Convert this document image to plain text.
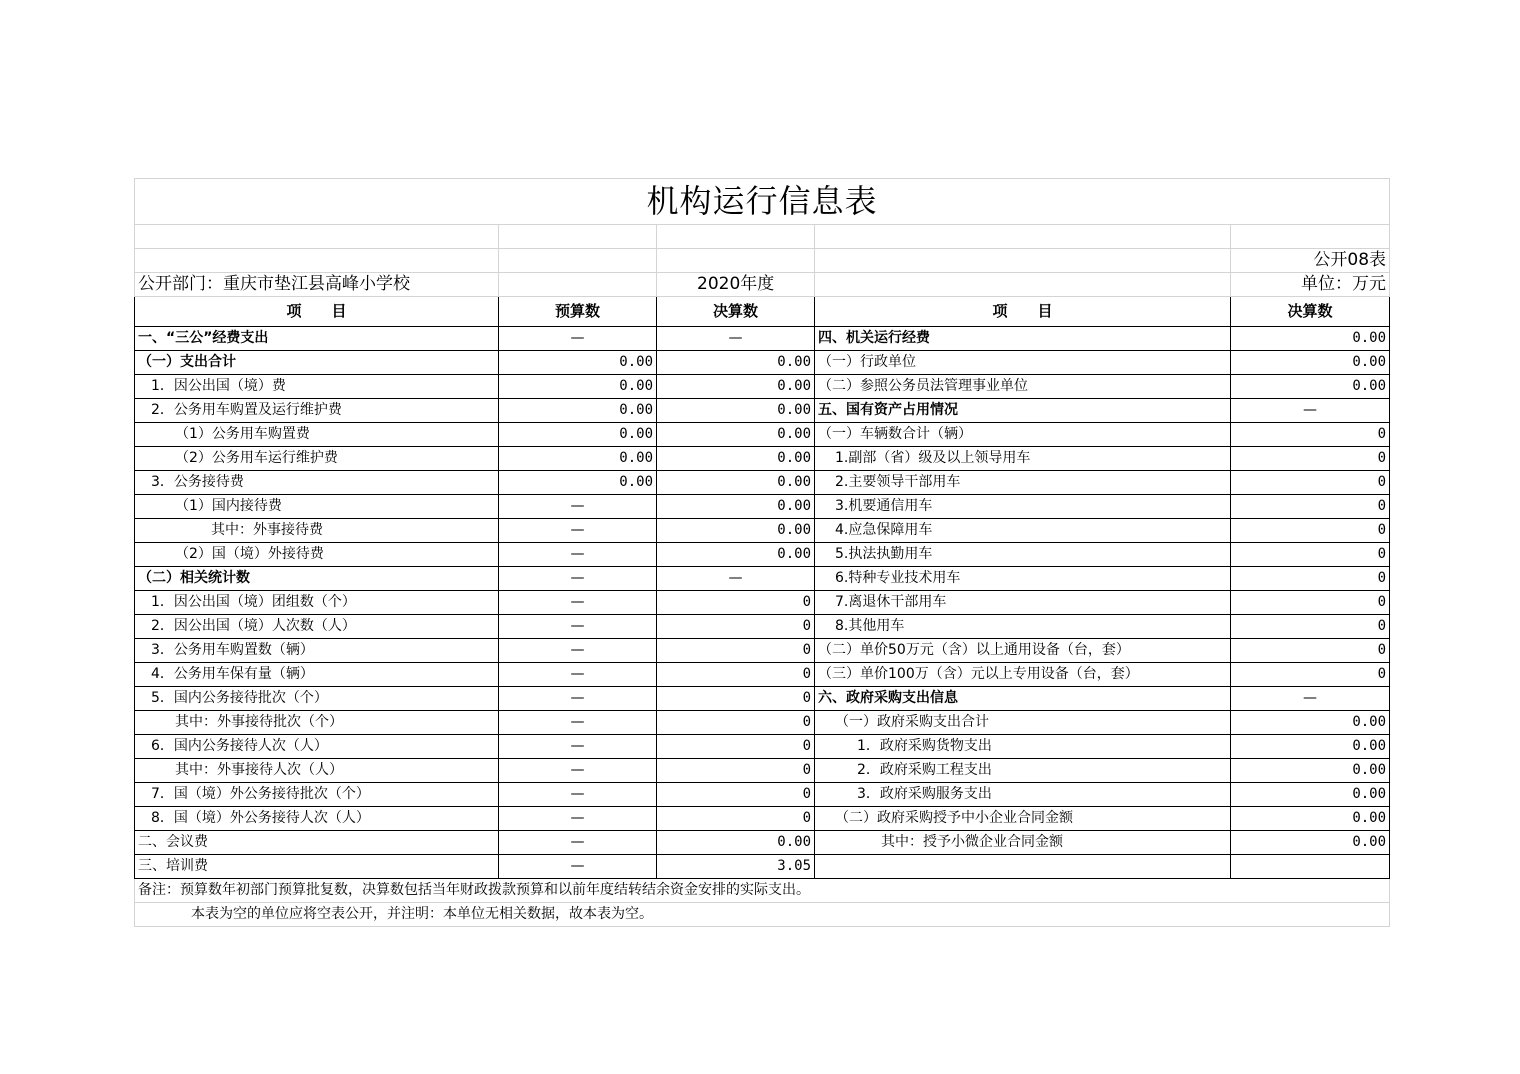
机构运行信息表				

				公开08表
公开部门：重庆市垫江县高峰小学校		2020年度		单位：万元
项　　目	预算数	决算数	项　　目	决算数
一、“三公”经费支出	—	—	四、机关运行经费	0.00
（一）支出合计	0.00	0.00	（一）行政单位	0.00
1．因公出国（境）费	0.00	0.00	（二）参照公务员法管理事业单位	0.00
2．公务用车购置及运行维护费	0.00	0.00	五、国有资产占用情况	—
（1）公务用车购置费	0.00	0.00	（一）车辆数合计（辆）	0
（2）公务用车运行维护费	0.00	0.00	1.副部（省）级及以上领导用车	0
3．公务接待费	0.00	0.00	2.主要领导干部用车	0
（1）国内接待费	—	0.00	3.机要通信用车	0
其中：外事接待费	—	0.00	4.应急保障用车	0
（2）国（境）外接待费	—	0.00	5.执法执勤用车	0
（二）相关统计数	—	—	6.特种专业技术用车	0
1．因公出国（境）团组数（个）	—	0	7.离退休干部用车	0
2．因公出国（境）人次数（人）	—	0	8.其他用车	0
3．公务用车购置数（辆）	—	0	（二）单价50万元（含）以上通用设备（台，套）	0
4．公务用车保有量（辆）	—	0	（三）单价100万（含）元以上专用设备（台，套）	0
5．国内公务接待批次（个）	—	0	六、政府采购支出信息	—
其中：外事接待批次（个）	—	0	（一）政府采购支出合计	0.00
6．国内公务接待人次（人）	—	0	1．政府采购货物支出	0.00
其中：外事接待人次（人）	—	0	2．政府采购工程支出	0.00
7．国（境）外公务接待批次（个）	—	0	3．政府采购服务支出	0.00
8．国（境）外公务接待人次（人）	—	0	（二）政府采购授予中小企业合同金额	0.00
二、会议费	—	0.00	其中：授予小微企业合同金额	0.00
三、培训费	—	3.05		
备注：预算数年初部门预算批复数，决算数包括当年财政拨款预算和以前年度结转结余资金安排的实际支出。				
本表为空的单位应将空表公开，并注明：本单位无相关数据，故本表为空。				
